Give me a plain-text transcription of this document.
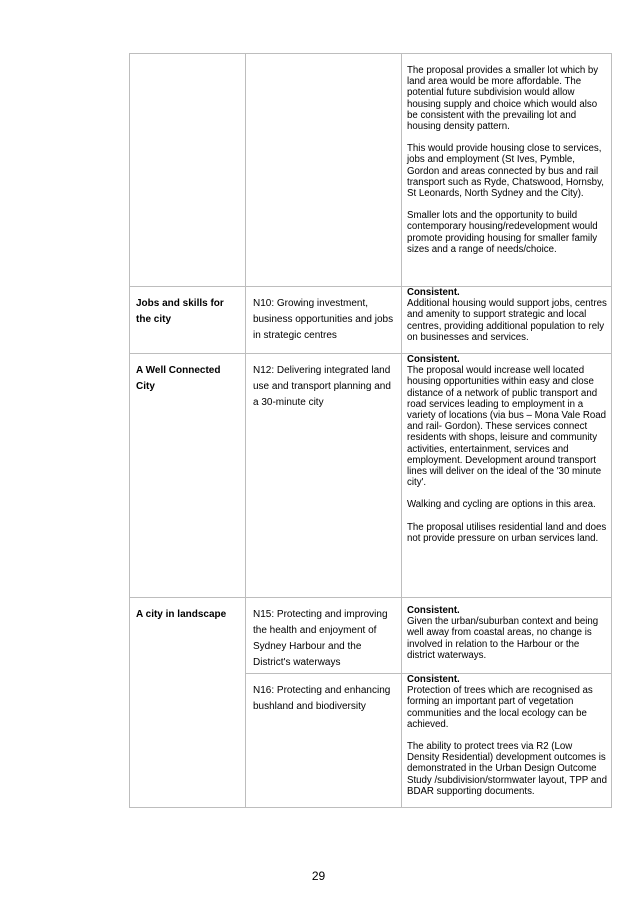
		The proposal provides a smaller lot which by land area would be more affordable. The potential future subdivision would allow housing supply and choice which would also be consistent with the prevailing lot and housing density pattern.

This would provide housing close to services, jobs and employment (St Ives, Pymble, Gordon and areas connected by bus and rail transport such as Ryde, Chatswood, Hornsby, St Leonards, North Sydney and the City).

Smaller lots and the opportunity to build contemporary housing/redevelopment would promote providing housing for smaller family sizes and a range of needs/choice.

Jobs and skills for the city	N10: Growing investment, business opportunities and jobs in strategic centres	Consistent.

Additional housing would support jobs, centres and amenity to support strategic and local centres, providing additional population to rely on businesses and services.

A Well Connected City	N12: Delivering integrated land use and transport planning and a 30-minute city	Consistent.

The proposal would increase well located housing opportunities within easy and close distance of a network of public transport and road services leading to employment in a variety of locations (via bus – Mona Vale Road and rail- Gordon). These services connect residents with shops, leisure and community activities, entertainment, services and employment. Development around transport lines will deliver on the ideal of the '30 minute city'.

Walking and cycling are options in this area.

The proposal utilises residential land and does not provide pressure on urban services land.

A city in landscape	N15: Protecting and improving the health and enjoyment of Sydney Harbour and the District's waterways	Consistent.

Given the urban/suburban context and being well away from coastal areas, no change is involved in relation to the Harbour or the district waterways.

	N16: Protecting and enhancing bushland and biodiversity	Consistent.

Protection of trees which are recognised as forming an important part of vegetation communities and the local ecology can be achieved.

The ability to protect trees via R2 (Low Density Residential) development outcomes is demonstrated in the Urban Design Outcome Study /subdivision/stormwater layout, TPP and BDAR supporting documents.

29
